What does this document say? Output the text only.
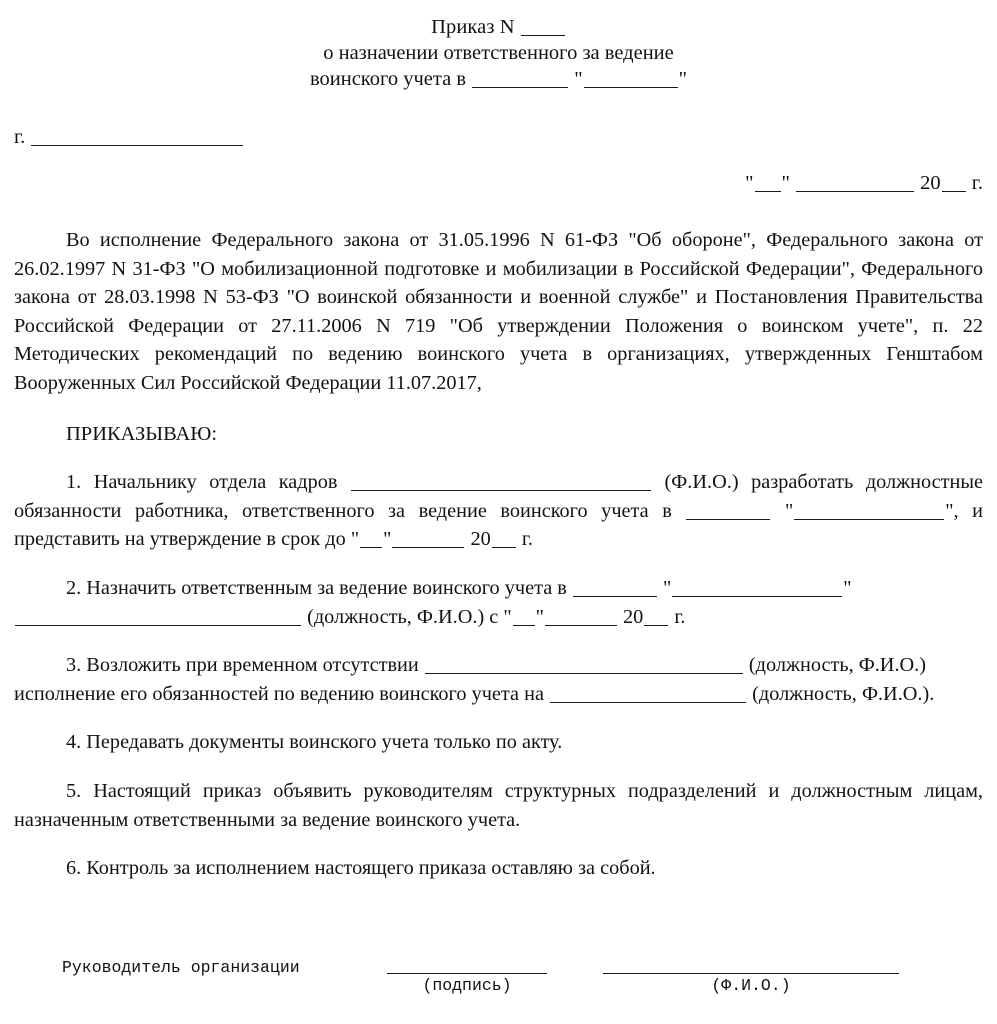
Приказ N
о назначении ответственного за ведение
воинского учета в	"	"
г.
" "	20 г.

Во исполнение Федерального закона от 31.05.1996 N 61-ФЗ "Об обороне", Федерального закона от 26.02.1997 N 31-ФЗ "О мобилизационной подготовке и мобилизации в Российской Федерации", Федерального закона от 28.03.1998 N 53-ФЗ "О воинской обязанности и военной службе" и Постановления Правительства Российской Федерации от 27.11.2006 N 719 "Об утверждении Положения о воинском учете", п. 22 Методических рекомендаций по ведению воинского учета в организациях, утвержденных Генштабом Вооруженных Сил Российской Федерации 11.07.2017,

ПРИКАЗЫВАЮ:

1. Начальнику отдела кадров	(Ф.И.О.) разработать должностные обязанности работника, ответственного за ведение воинского учета в	"	", и представить на утверждение в срок до " "	20 г.

2. Назначить ответственным за ведение воинского учета в	"	"

(должность, Ф.И.О.) с " "	20 г.

3. Возложить при временном отсутствии	(должность, Ф.И.О.) исполнение его обязанностей по ведению воинского учета на	(должность, Ф.И.О.).

4. Передавать документы воинского учета только по акту.

5. Настоящий приказ объявить руководителям структурных подразделений и должностным лицам, назначенным ответственными за ведение воинского учета.

6. Контроль за исполнением настоящего приказа оставляю за собой.

Руководитель организации
(подпись)	(Ф.И.О.)
